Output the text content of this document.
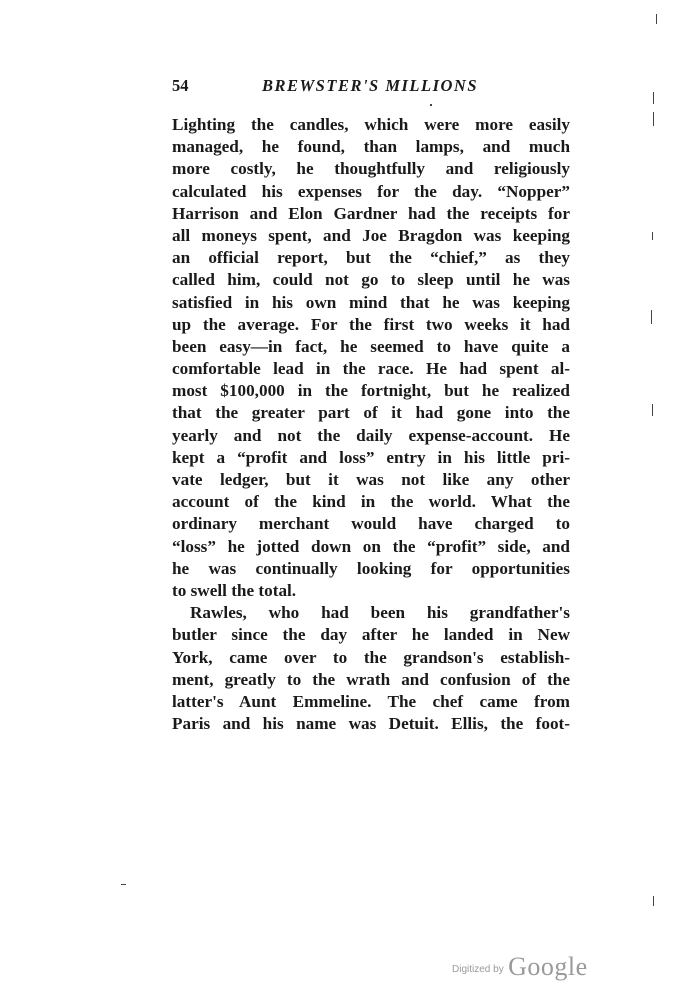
54	BREWSTER'S MILLIONS
Lighting the candles, which were more easily
managed, he found, than lamps, and much
more costly, he thoughtfully and religiously
calculated his expenses for the day. “Nopper”
Harrison and Elon Gardner had the receipts for
all moneys spent, and Joe Bragdon was keeping
an official report, but the “chief,” as they
called him, could not go to sleep until he was
satisfied in his own mind that he was keeping
up the average. For the first two weeks it had
been easy—in fact, he seemed to have quite a
comfortable lead in the race. He had spent al-
most $100,000 in the fortnight, but he realized
that the greater part of it had gone into the
yearly and not the daily expense-account. He
kept a “profit and loss” entry in his little pri-
vate ledger, but it was not like any other
account of the kind in the world. What the
ordinary merchant would have charged to
“loss” he jotted down on the “profit” side, and
he was continually looking for opportunities
to swell the total.
Rawles, who had been his grandfather's
butler since the day after he landed in New
York, came over to the grandson's establish-
ment, greatly to the wrath and confusion of the
latter's Aunt Emmeline. The chef came from
Paris and his name was Detuit. Ellis, the foot-
Digitized by Google
